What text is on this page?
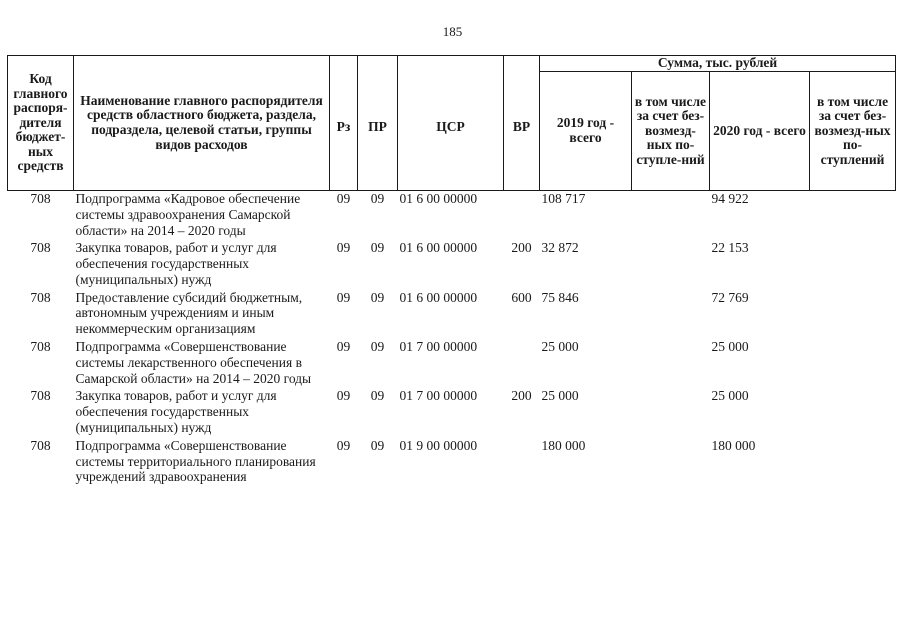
185
Код главного распоря-дителя бюджет-ных средств	Наименование главного распорядителя средств областного бюджета, раздела, подраздела, целевой статьи, группы видов расходов	Рз	ПР	ЦСР	ВР	Сумма, тыс. рублей			
						2019 год - всего	в том числе за счет без-возмезд-ных по-ступле-ний	2020 год - всего	в том числе за счет без-возмезд-ных по-ступлений
708	Подпрограмма «Кадровое обеспечение системы здравоохранения Самарской области» на 2014 – 2020 годы	09	09	01 6 00 00000		108 717		94 922	
708	Закупка товаров, работ и услуг для обеспечения государственных (муниципальных) нужд	09	09	01 6 00 00000	200	32 872		22 153	
708	Предоставление субсидий бюджетным, автономным учреждениям и иным некоммерческим организациям	09	09	01 6 00 00000	600	75 846		72 769	
708	Подпрограмма «Совершенствование системы лекарственного обеспечения в Самарской области» на 2014 – 2020 годы	09	09	01 7 00 00000		25 000		25 000	
708	Закупка товаров, работ и услуг для обеспечения государственных (муниципальных) нужд	09	09	01 7 00 00000	200	25 000		25 000	
708	Подпрограмма «Совершенствование системы территориального планирования учреждений здравоохранения	09	09	01 9 00 00000		180 000		180 000	
